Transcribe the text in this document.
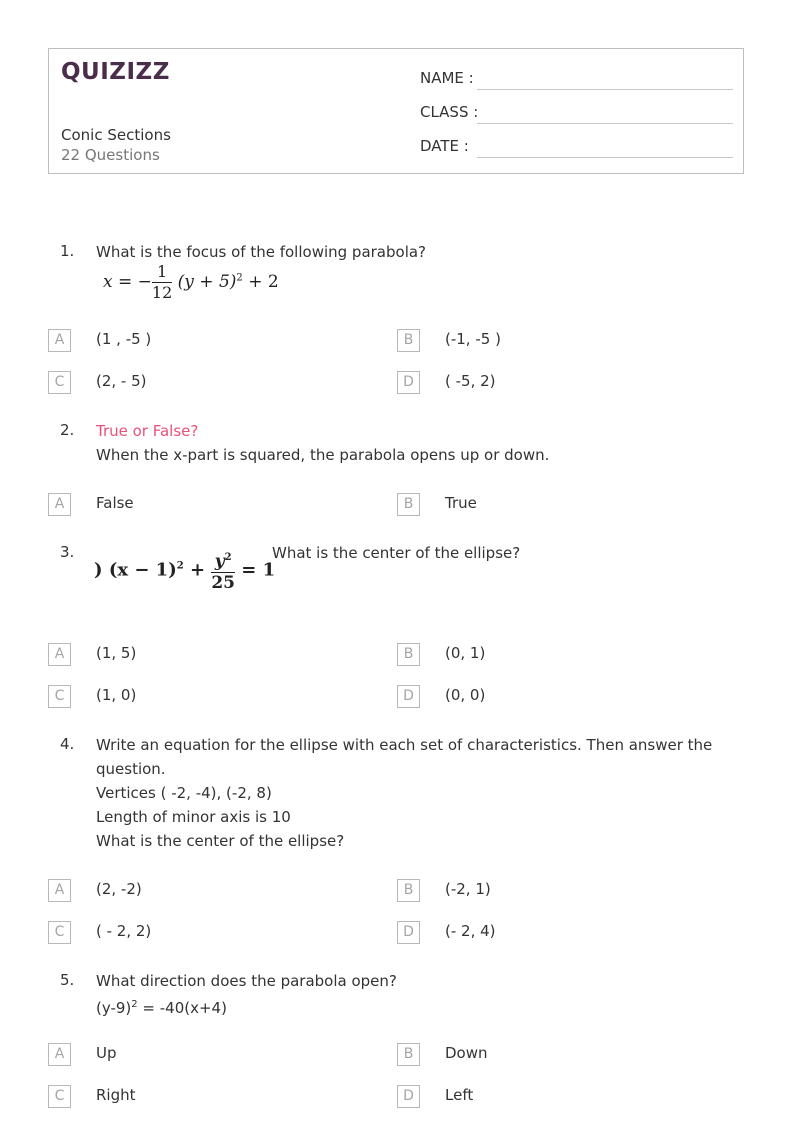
QUIZIZZ
Conic Sections
22 Questions
NAME :
CLASS :
DATE :
1. What is the focus of the following parabola?
x = − $\frac{1}{12} (y + 5)^2 + 2$
A	(1 , -5 )	B	(-1, -5 )
C	(2, - 5)	D	( -5, 2)
2. True or False?
When the x-part is squared, the parabola opens up or down.
A	False	B	True
3.
) $(x - 1)^2 + \frac{y^2}{25} = 1$
What is the center of the ellipse?
A	(1, 5)	B	(0, 1)
C	(1, 0)	D	(0, 0)
4. Write an equation for the ellipse with each set of characteristics. Then answer the
question.
Vertices ( -2, -4), (-2, 8)
Length of minor axis is 10
What is the center of the ellipse?
A	(2, -2)	B	(-2, 1)
C	( - 2, 2)	D	(- 2, 4)
5. What direction does the parabola open?
$(y-9)^2 = -40(x+4)$
A	Up	B	Down
C	Right	D	Left
